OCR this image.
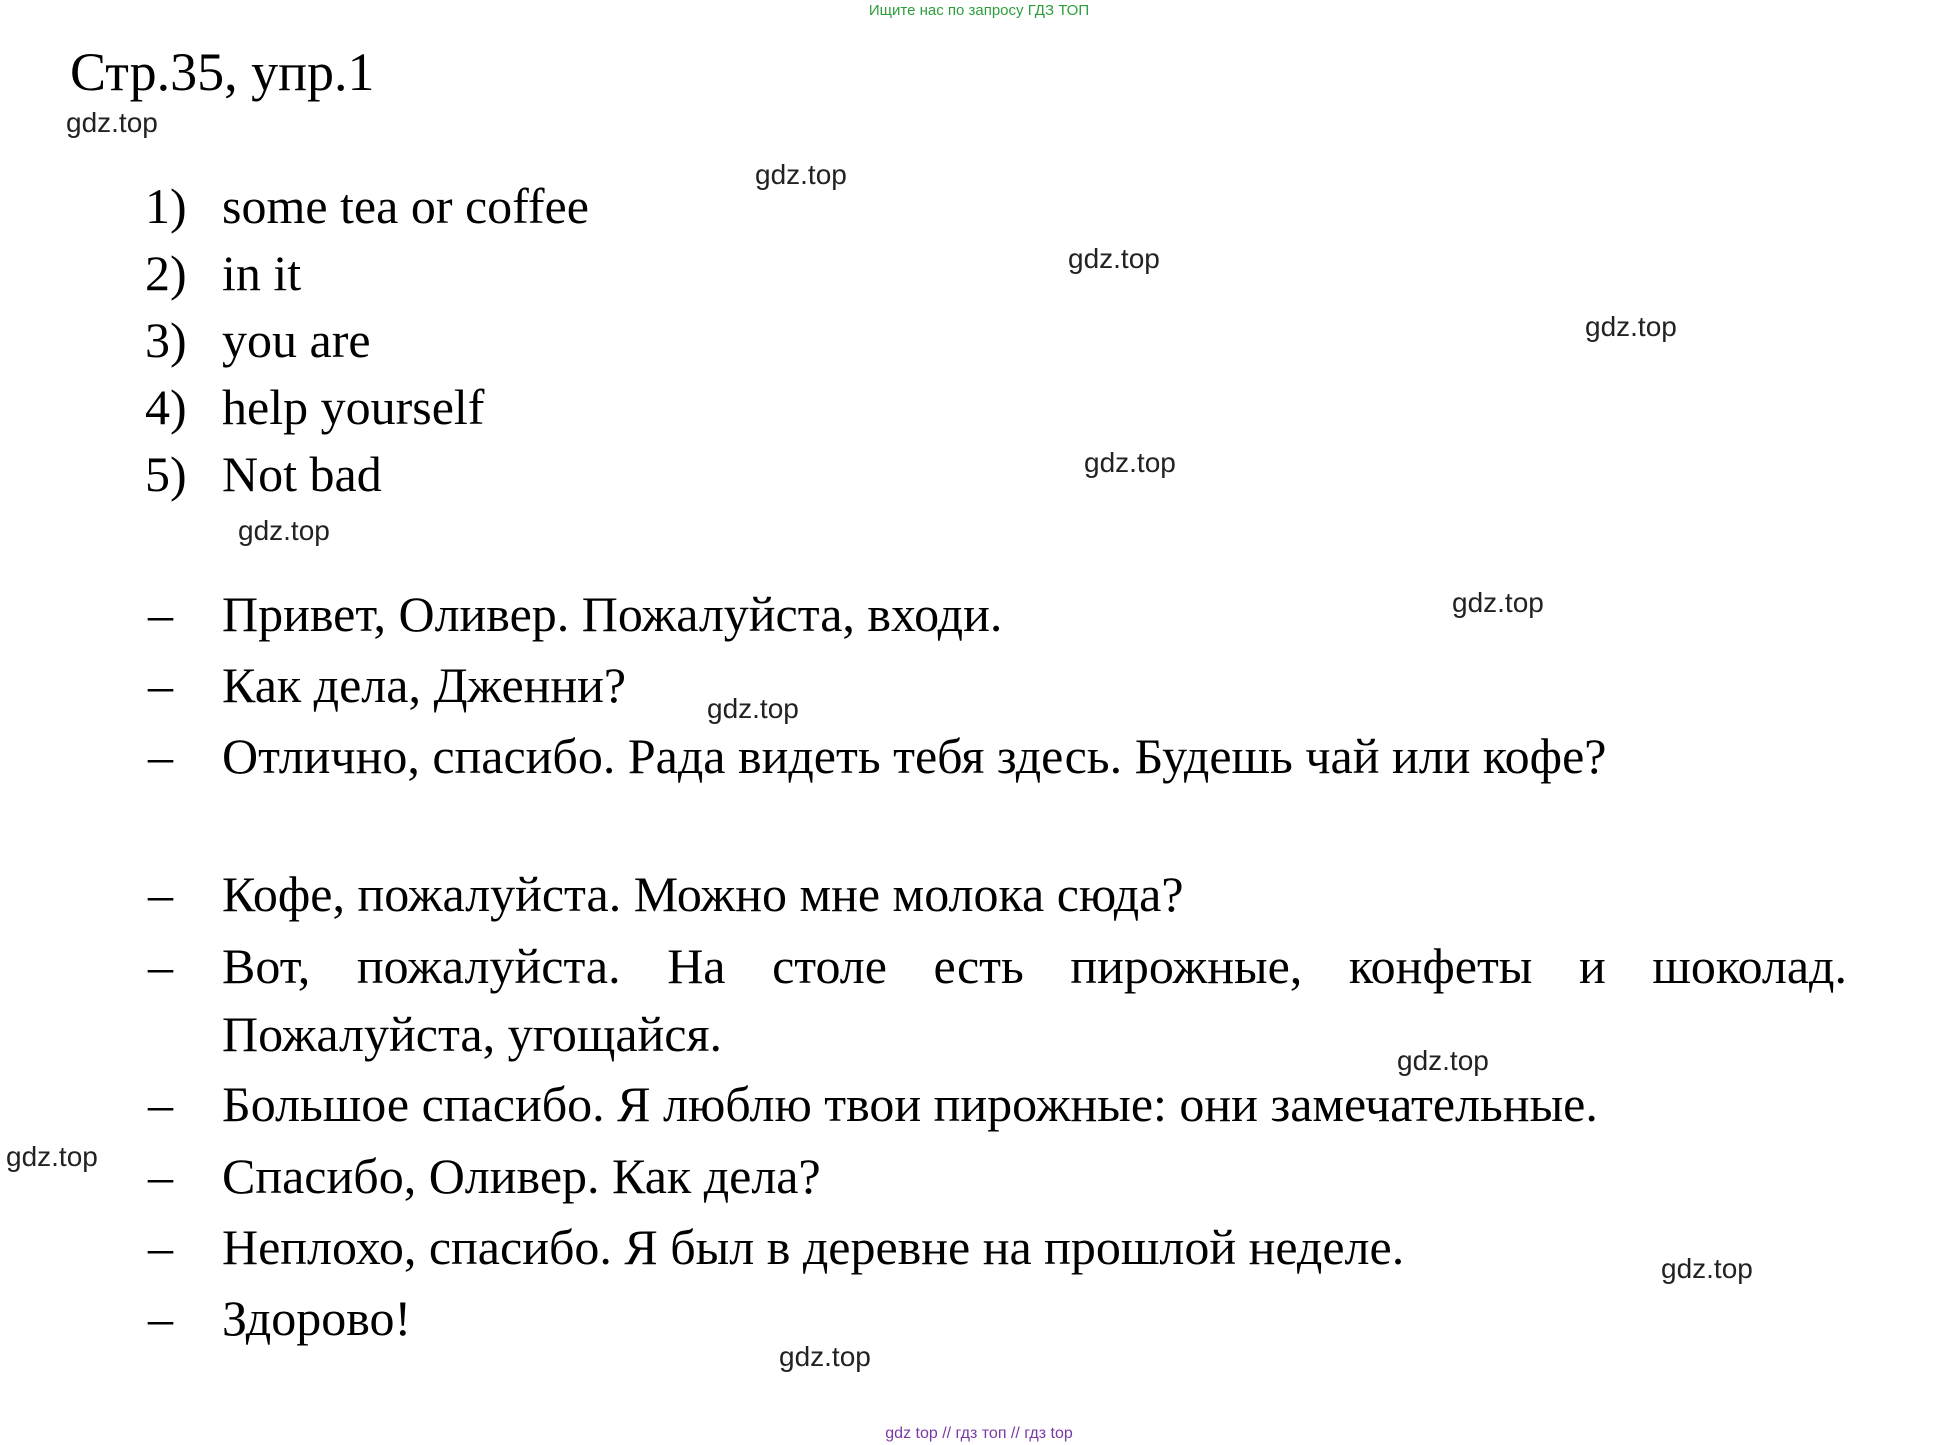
Ищите нас по запросу ГДЗ ТОП
Стр.35, упр.1
1) some tea or coffee
2) in it
3) you are
4) help yourself
5) Not bad
– Привет, Оливер. Пожалуйста, входи.
– Как дела, Дженни?
– Отлично, спасибо. Рада видеть тебя здесь. Будешь чай или кофе?
– Кофе, пожалуйста. Можно мне молока сюда?
– Вот, пожалуйста. На столе есть пирожные, конфеты и шоколад. Пожалуйста, угощайся.
– Большое спасибо. Я люблю твои пирожные: они замечательные.
– Спасибо, Оливер. Как дела?
– Неплохо, спасибо. Я был в деревне на прошлой неделе.
– Здорово!
gdz.top
gdz.top
gdz.top
gdz.top
gdz.top
gdz.top
gdz.top
gdz.top
gdz.top
gdz.top
gdz.top
gdz.top
gdz top // гдз топ // гдз top
